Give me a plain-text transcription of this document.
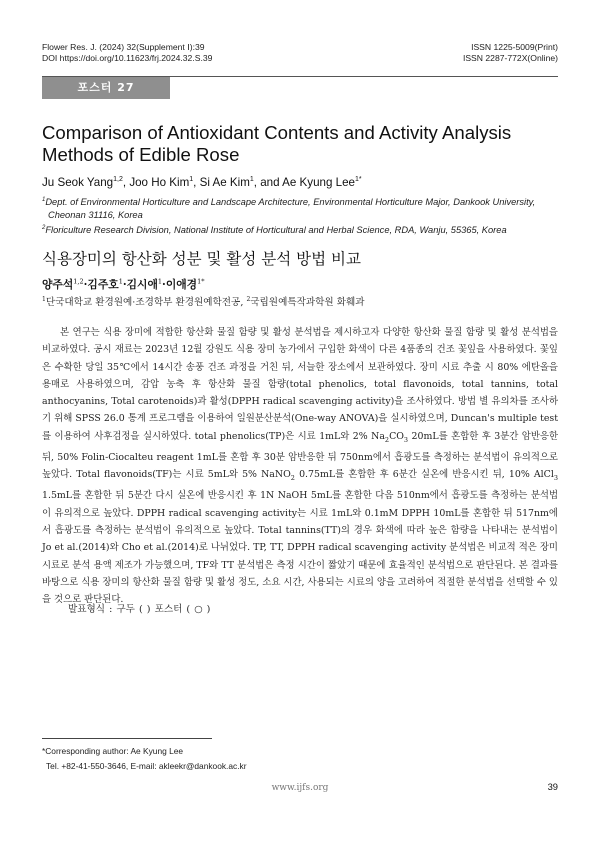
Flower Res. J. (2024) 32(Supplement Ⅰ):39
DOI https://doi.org/10.11623/frj.2024.32.S.39
ISSN 1225-5009(Print)
ISSN 2287-772X(Online)
포스터 27
Comparison of Antioxidant Contents and Activity Analysis Methods of Edible Rose
Ju Seok Yang$^{1,2}$, Joo Ho Kim$^1$, Si Ae Kim$^1$, and Ae Kyung Lee$^{1*}$
$^1$Dept. of Environmental Horticulture and Landscape Architecture, Environmental Horticulture Major, Dankook University,
Cheonan 31116, Korea
$^2$Floriculture Research Division, National Institute of Horticultural and Herbal Science, RDA, Wanju, 55365, Korea
식용장미의 항산화 성분 및 활성 분석 방법 비교
양주석$^{1,2}$·김주호$^1$·김시애$^1$·이애경$^{1*}$
$^1$단국대학교 환경원예·조경학부 환경원예학전공, $^2$국립원예특작과학원 화훼과
본 연구는 식용 장미에 적합한 항산화 물질 함량 및 활성 분석법을 제시하고자 다양한 항산화 물질 함량 및 활성 분석법을 비교하였다. 공시 재료는 2023년 12월 강원도 식용 장미 농가에서 구입한 화색이 다른 4품종의 건조 꽃잎을 사용하였다. 꽃잎은 수확한 당일 35℃에서 14시간 송풍 건조 과정을 거친 뒤, 서늘한 장소에서 보관하였다. 장미 시료 추출 시 80% 에탄올을 용매로 사용하였으며, 감압 농축 후 항산화 물질 함량(total phenolics, total flavonoids, total tannins, total anthocyanins, Total carotenoids)과 활성(DPPH radical scavenging activity)을 조사하였다. 방법 별 유의차를 조사하기 위해 SPSS 26.0 통계 프로그램을 이용하여 일원분산분석(One-way ANOVA)을 실시하였으며, Duncan's multiple test를 이용하여 사후검정을 실시하였다. total phenolics(TP)은 시료 1mL와 2% $Na_2CO_3$ 20mL를 혼합한 후 3분간 암반응한 뒤, 50% Folin-Ciocalteu reagent 1mL를 혼합 후 30분 암반응한 뒤 750nm에서 흡광도를 측정하는 분석법이 유의적으로 높았다. Total flavonoids(TF)는 시료 5mL와 5% NaNO$_2$ 0.75mL를 혼합한 후 6분간 실온에 반응시킨 뒤, 10% AlCl$_3$ 1.5mL를 혼합한 뒤 5분간 다시 실온에 반응시킨 후 1N NaOH 5mL를 혼합한 다음 510nm에서 흡광도를 측정하는 분석법이 유의적으로 높았다. DPPH radical scavenging activity는 시료 1mL와 0.1mM DPPH 10mL를 혼합한 뒤 517nm에서 흡광도를 측정하는 분석법이 유의적으로 높았다. Total tannins(TT)의 경우 화색에 따라 높은 함량을 나타내는 분석법이 Jo et al.(2014)와 Cho et al.(2014)로 나뉘었다. TP, TT, DPPH radical scavenging activity 분석법은 비교적 적은 장미 시료로 분석 용액 제조가 가능했으며, TF와 TT 분석법은 측정 시간이 짧았기 때문에 효율적인 분석법으로 판단된다. 본 결과를 바탕으로 식용 장미의 항산화 물질 함량 및 활성 정도, 소요 시간, 사용되는 시료의 양을 고려하여 적절한 분석법을 선택할 수 있을 것으로 판단된다.
발표형식 : 구두 ( ) 포스터 ( ○ )
*Corresponding author: Ae Kyung Lee
Tel. +82-41-550-3646, E-mail: akleekr@dankook.ac.kr
www.ijfs.org	39
